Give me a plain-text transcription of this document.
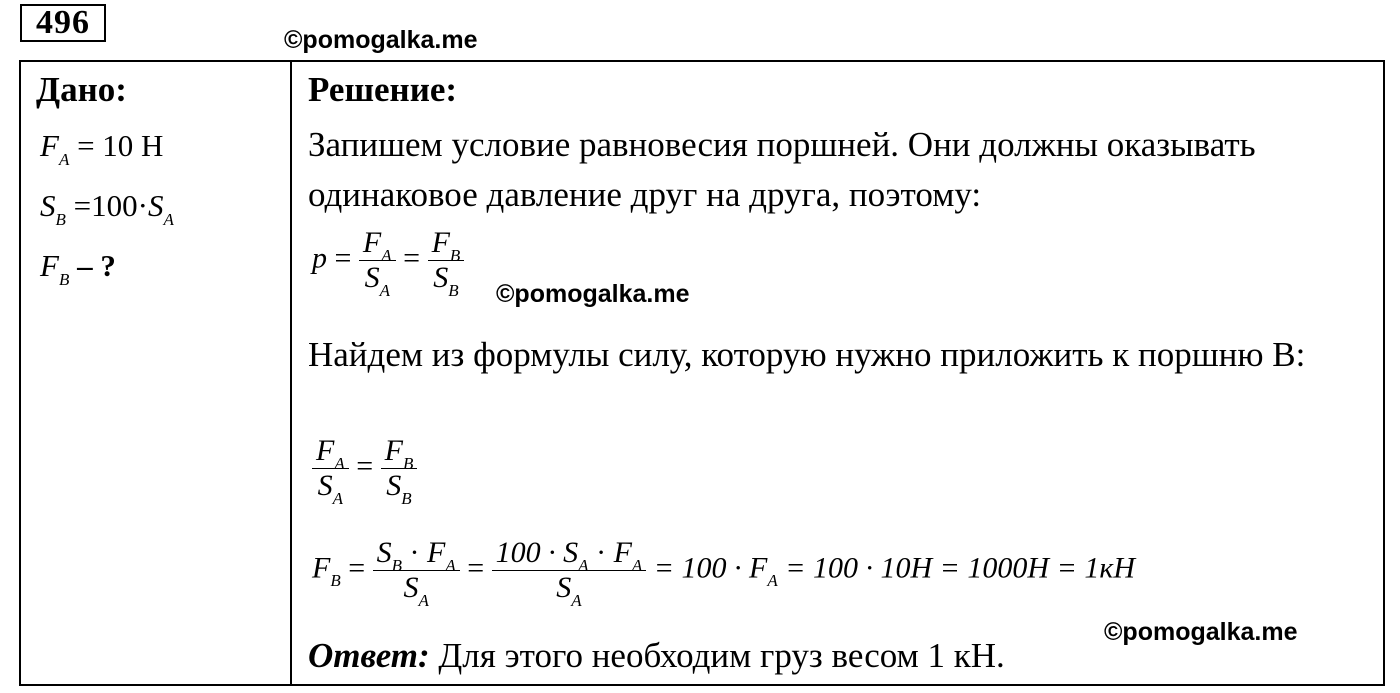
496	©pomogalka.me
Дано:
$F_A = 10$ Н
$S_B =100\cdot S_A$
$F_B$ – ?
Решение:
Запишем условие равновесия поршней. Они должны оказывать одинаковое давление друг на друга, поэтому:
$p = \frac{F_A}{S_A} = \frac{F_B}{S_B}$
Найдем из формулы силу, которую нужно приложить к поршню В:
$\frac{F_A}{S_A} = \frac{F_B}{S_B}$
$F_B = \frac{S_B \cdot F_A}{S_A} = \frac{100 \cdot S_A \cdot F_A}{S_A} = 100 \cdot F_A = 100 \cdot 10H = 1000H = 1кH$
Ответ: Для этого необходим груз весом 1 кН.
©pomogalka.me
©pomogalka.me
